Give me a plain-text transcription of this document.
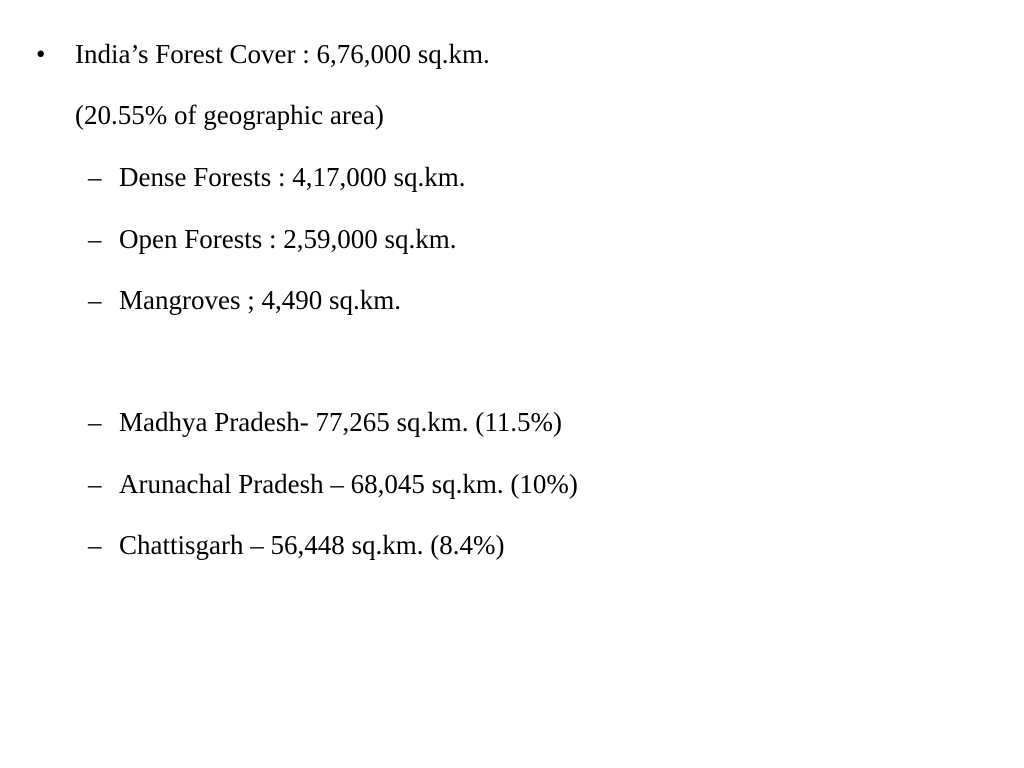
• India’s Forest Cover : 6,76,000 sq.km.
(20.55% of geographic area)
– Dense Forests : 4,17,000 sq.km.
– Open Forests : 2,59,000 sq.km.
– Mangroves ; 4,490 sq.km.
– Madhya Pradesh- 77,265 sq.km. (11.5%)
– Arunachal Pradesh – 68,045 sq.km. (10%)
– Chattisgarh – 56,448 sq.km. (8.4%)
